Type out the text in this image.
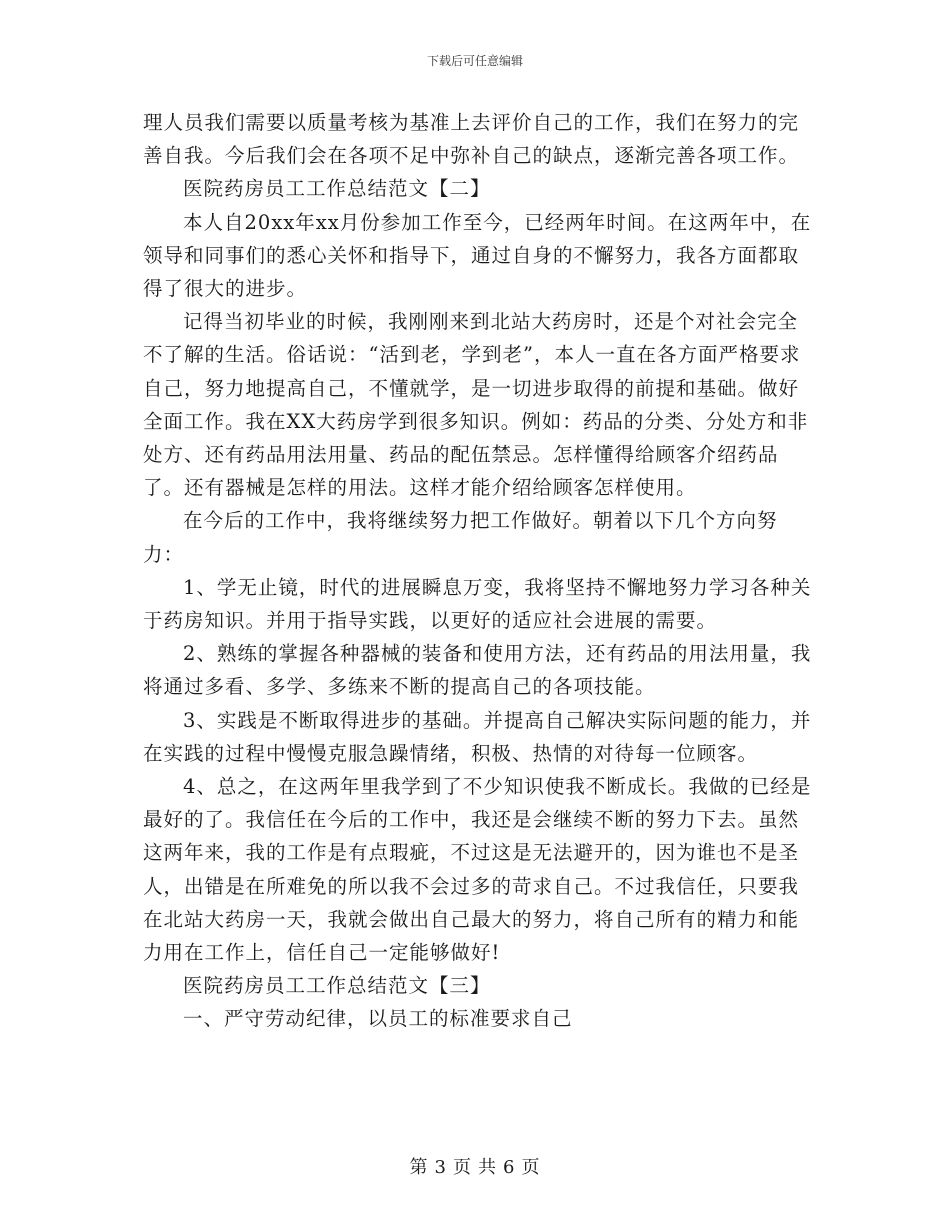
下载后可任意编辑

理人员我们需要以质量考核为基准上去评价自己的工作，我们在努力的完善自我。今后我们会在各项不足中弥补自己的缺点，逐渐完善各项工作。

医院药房员工工作总结范文【二】

本人自20xx年xx月份参加工作至今，已经两年时间。在这两年中，在领导和同事们的悉心关怀和指导下，通过自身的不懈努力，我各方面都取得了很大的进步。

记得当初毕业的时候，我刚刚来到北站大药房时，还是个对社会完全不了解的生活。俗话说：“活到老，学到老”，本人一直在各方面严格要求自己，努力地提高自己，不懂就学，是一切进步取得的前提和基础。做好全面工作。我在XX大药房学到很多知识。例如：药品的分类、分处方和非处方、还有药品用法用量、药品的配伍禁忌。怎样懂得给顾客介绍药品了。还有器械是怎样的用法。这样才能介绍给顾客怎样使用。

在今后的工作中，我将继续努力把工作做好。朝着以下几个方向努力：

1、学无止镜，时代的进展瞬息万变，我将坚持不懈地努力学习各种关于药房知识。并用于指导实践，以更好的适应社会进展的需要。

2、熟练的掌握各种器械的装备和使用方法，还有药品的用法用量，我将通过多看、多学、多练来不断的提高自己的各项技能。

3、实践是不断取得进步的基础。并提高自己解决实际问题的能力，并在实践的过程中慢慢克服急躁情绪，积极、热情的对待每一位顾客。

4、总之，在这两年里我学到了不少知识使我不断成长。我做的已经是最好的了。我信任在今后的工作中，我还是会继续不断的努力下去。虽然这两年来，我的工作是有点瑕疵，不过这是无法避开的，因为谁也不是圣人，出错是在所难免的所以我不会过多的苛求自己。不过我信任，只要我在北站大药房一天，我就会做出自己最大的努力，将自己所有的精力和能力用在工作上，信任自己一定能够做好!

医院药房员工工作总结范文【三】

一、严守劳动纪律，以员工的标准要求自己

第 3 页 共 6 页
